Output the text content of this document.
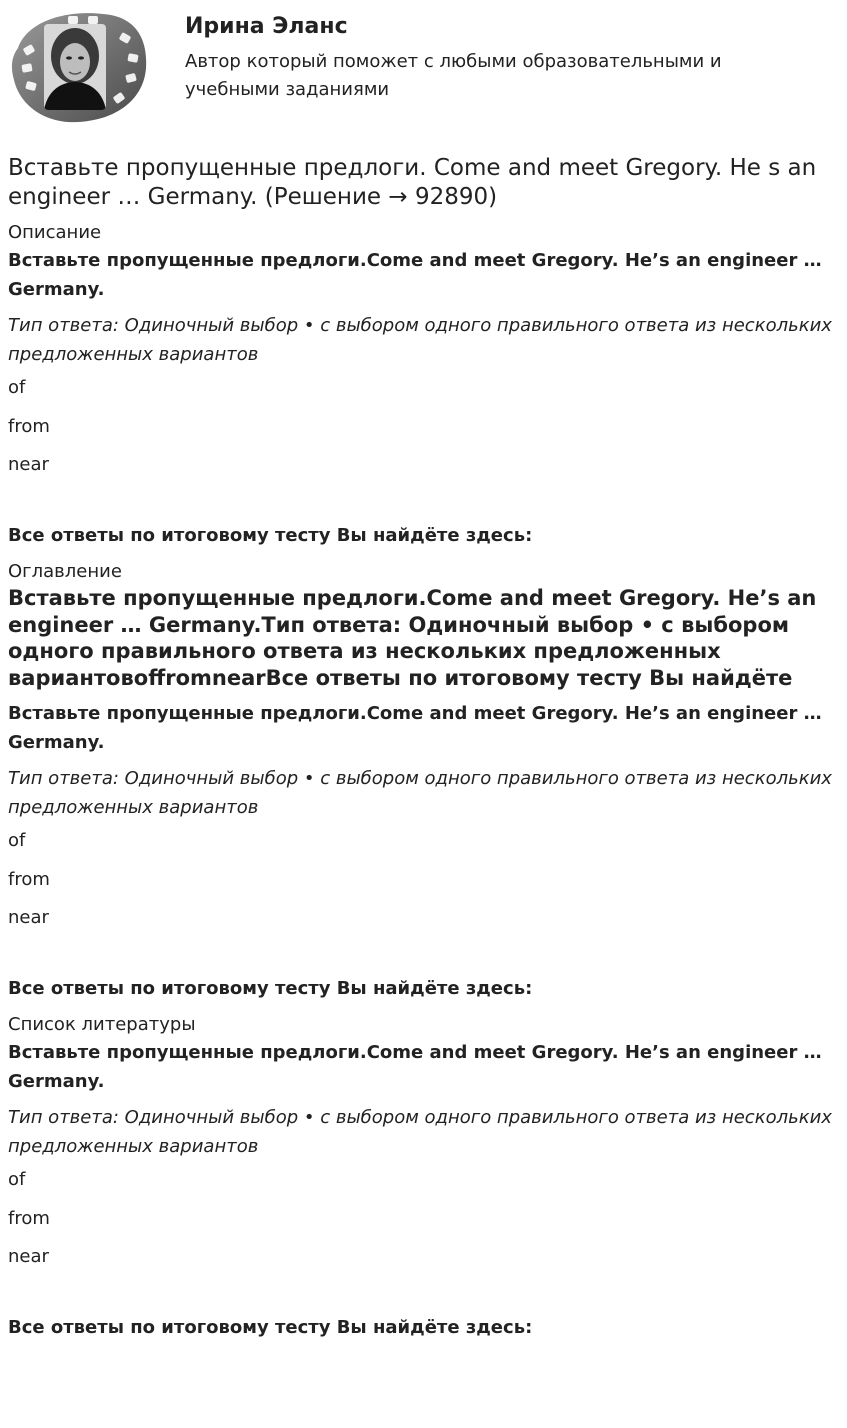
Ирина Эланс
Автор который поможет с любыми образовательными и учебными заданиями
Вставьте пропущенные предлоги. Come and meet Gregory. He s an engineer … Germany. (Решение → 92890)
Описание
Вставьте пропущенные предлоги.Come and meet Gregory. He’s an engineer … Germany.
Тип ответа: Одиночный выбор • с выбором одного правильного ответа из нескольких предложенных вариантов
of
from
near
Все ответы по итоговому тесту Вы найдёте здесь:
Оглавление
Вставьте пропущенные предлоги.Come and meet Gregory. He’s an engineer … Germany.Тип ответа: Одиночный выбор • с выбором одного правильного ответа из нескольких предложенных вариантовoffromnearВсе ответы по итоговому тесту Вы найдёте
Вставьте пропущенные предлоги.Come and meet Gregory. He’s an engineer … Germany.
Тип ответа: Одиночный выбор • с выбором одного правильного ответа из нескольких предложенных вариантов
of
from
near
Все ответы по итоговому тесту Вы найдёте здесь:
Список литературы
Вставьте пропущенные предлоги.Come and meet Gregory. He’s an engineer … Germany.
Тип ответа: Одиночный выбор • с выбором одного правильного ответа из нескольких предложенных вариантов
of
from
near
Все ответы по итоговому тесту Вы найдёте здесь:
